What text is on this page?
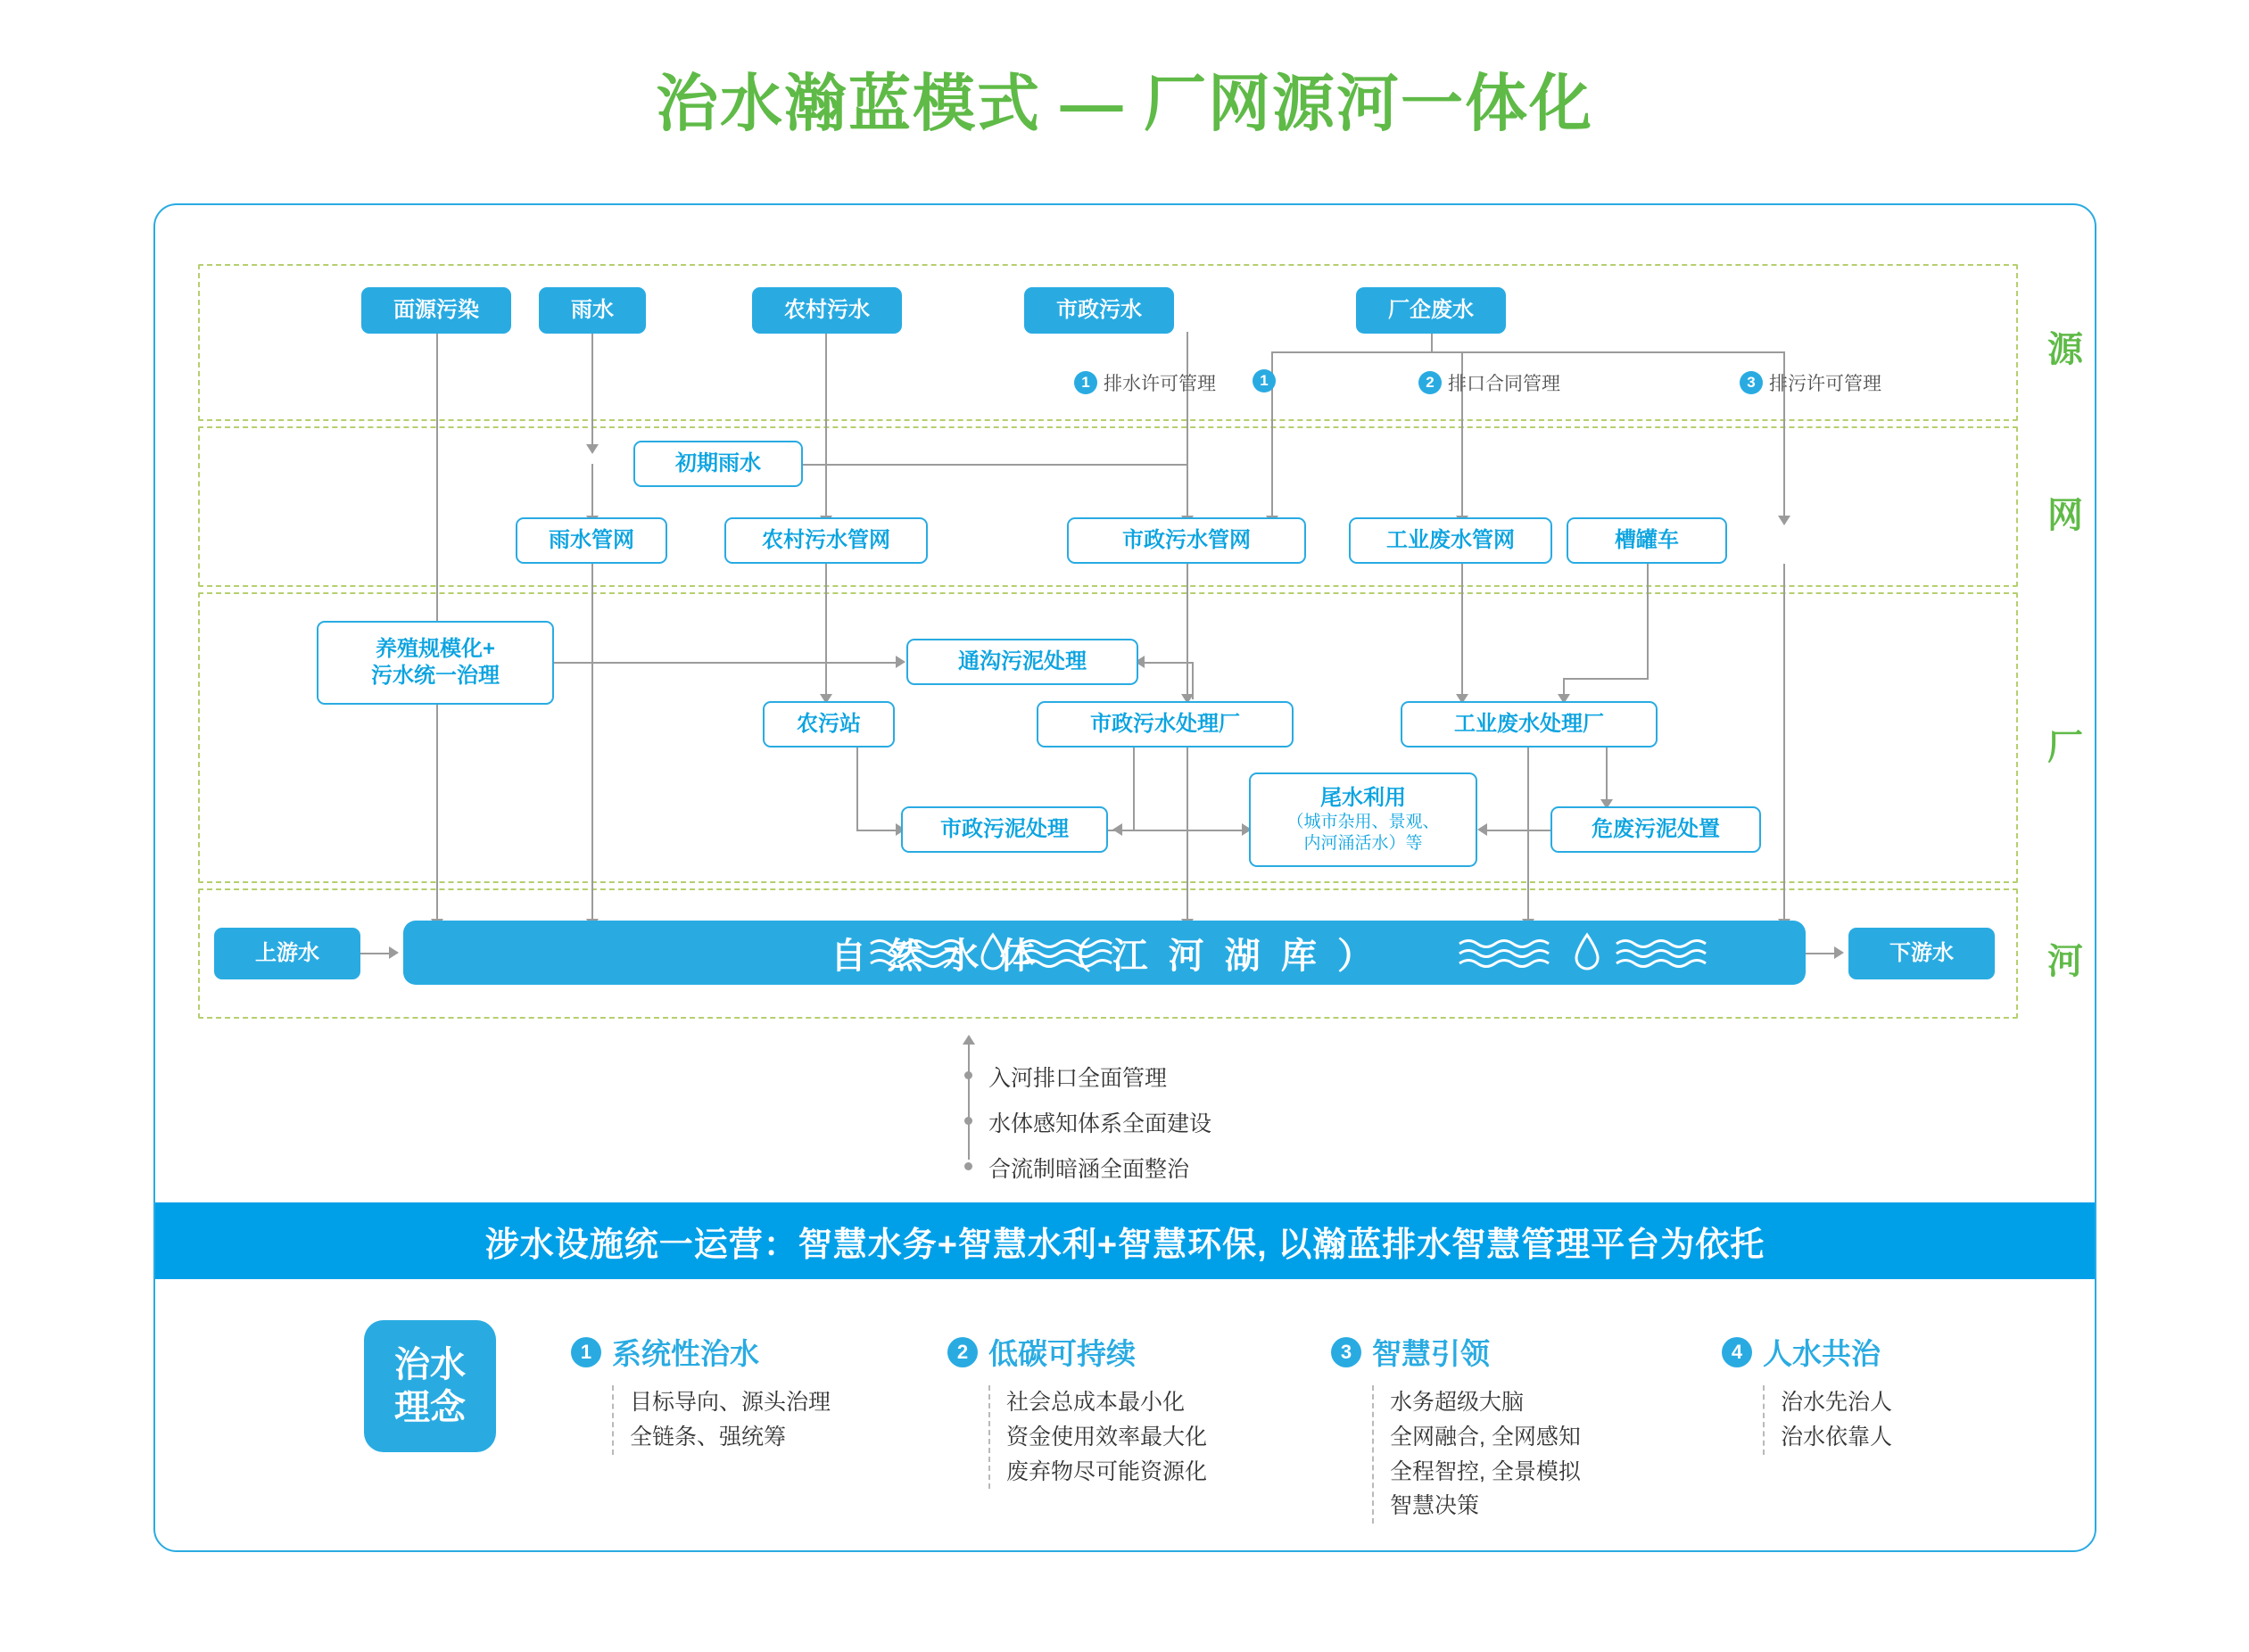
治水瀚蓝模式 — 厂网源河一体化
源
网
厂
河
面源污染	雨水	农村污水	市政污水	厂企废水
1 排水许可管理	1	2 排口合同管理	3 排污许可管理
初期雨水
雨水管网	农村污水管网	市政污水管网	工业废水管网	槽罐车
养殖规模化+
污水统一治理
通沟污泥处理
农污站	市政污水处理厂	工业废水处理厂
市政污泥处理
尾水利用
（城市杂用、景观、
内河涌活水）等
危废污泥处置
上游水	自 然 水 体 （ 江 河 湖 库 ）	下游水
入河排口全面管理
水体感知体系全面建设
合流制暗涵全面整治
涉水设施统一运营：智慧水务+智慧水利+智慧环保, 以瀚蓝排水智慧管理平台为依托
治水
理念
1 系统性治水
目标导向、源头治理
全链条、强统筹
2 低碳可持续
社会总成本最小化
资金使用效率最大化
废弃物尽可能资源化
3 智慧引领
水务超级大脑
全网融合, 全网感知
全程智控, 全景模拟
智慧决策
4 人水共治
治水先治人
治水依靠人
